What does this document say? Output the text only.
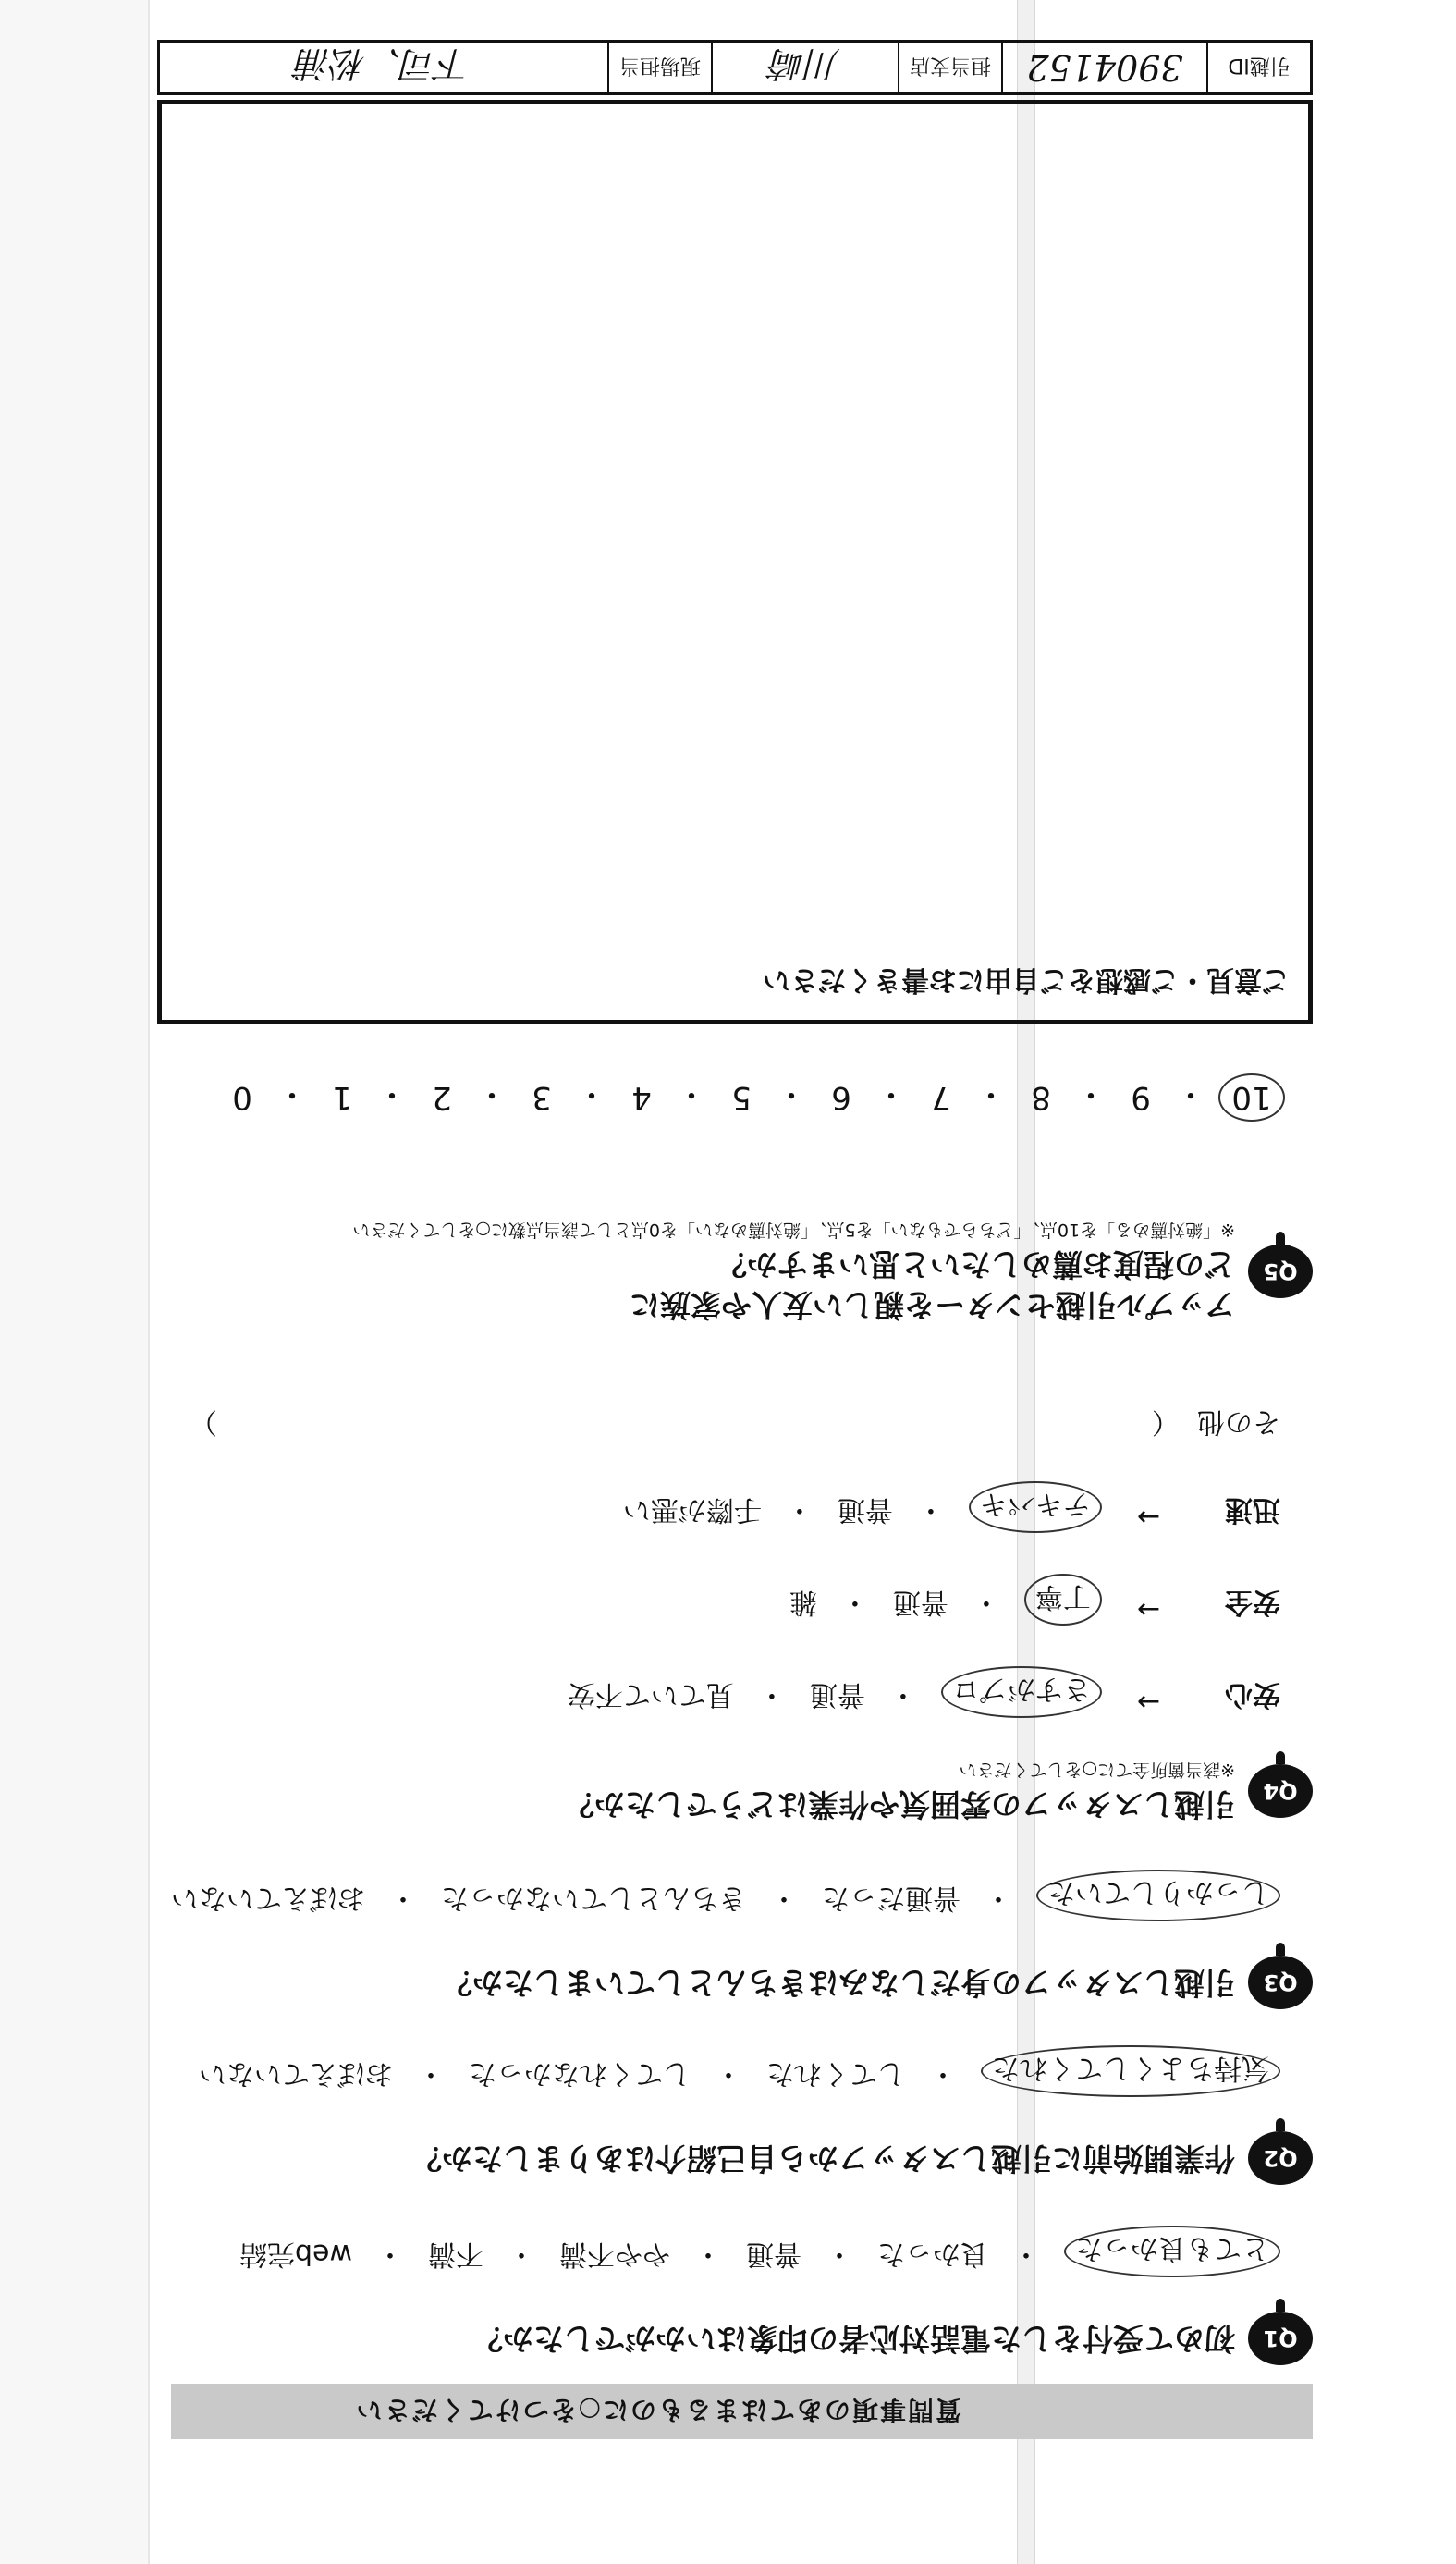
質問事項のあてはまるものに○をつけてください
Q1
初めて受付をした電話対応者の印象はいかがでしたか？
とても良かった
・
良かった
・
普通
・
やや不満
・
不満
・
web完結
Q2
作業開始前に引越しスタッフから自己紹介はありましたか？
気持ちよくしてくれた
・
してくれた
・
してくれなかった
・
おぼえていない
Q3
引越しスタッフの身だしなみはきちんとしていましたか？
しっかりしていた
・
普通だった
・
きちんとしていなかった
・
おぼえていない
Q4
引越しスタッフの雰囲気や作業はどうでしたか？
※該当箇所全てに○をしてください
安心
→
さすがプロ
・
普通
・
見ていて不安
安全
→
丁寧
・
普通
・
雑
迅速
→
テキパキ
・
普通
・
手際が悪い
その他  （
）
Q5
アップル引越センターを親しい友人や家族に
どの程度お薦めしたいと思いますか？
※「絶対薦める」を10点、「どちらでもない」を5点、「絶対薦めない」を0点として該当点数に○をしてください
10
・
9
・
8
・
7
・
6
・
5
・
4
・
3
・
2
・
1
・
0
ご意見・ご感想をご自由にお書きください
引越ID
3904152
担当支店
川崎
現場担当
下司、松浦
